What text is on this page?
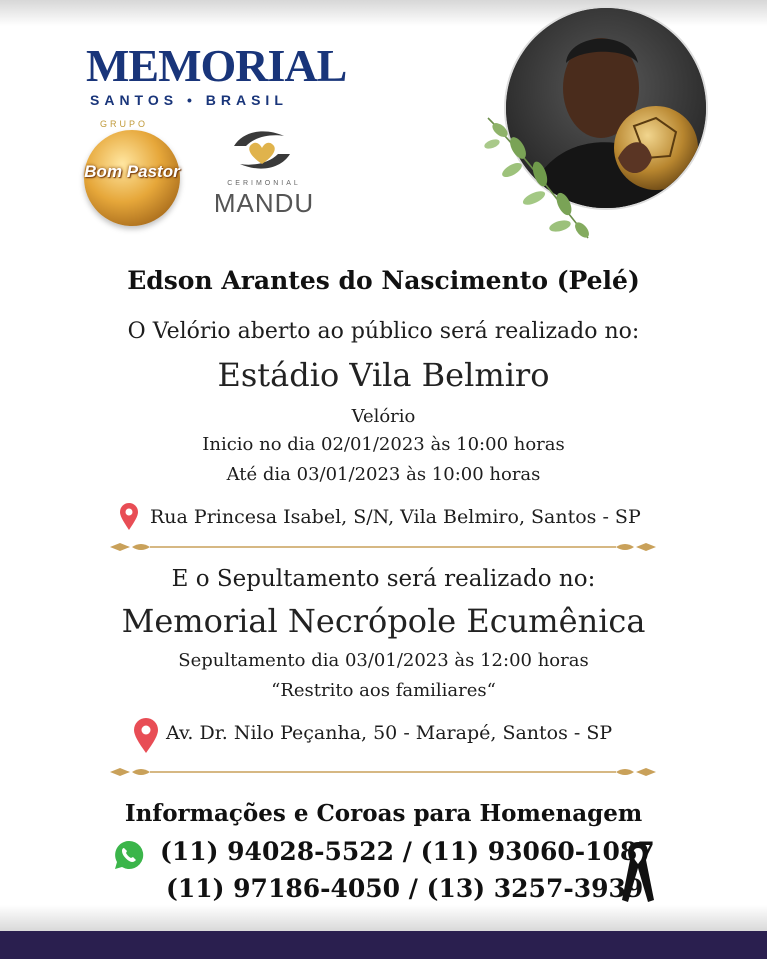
MEMORIAL
SANTOS • BRASIL
GRUPO
Bom Pastor
CERIMONIAL
MANDU
Edson Arantes do Nascimento (Pelé)
O Velório aberto ao público será realizado no:
Estádio Vila Belmiro
Velório
Inicio no dia 02/01/2023 às 10:00 horas
Até dia 03/01/2023 às 10:00 horas
Rua Princesa Isabel, S/N, Vila Belmiro, Santos - SP
E o Sepultamento será realizado no:
Memorial Necrópole Ecumênica
Sepultamento dia 03/01/2023 às 12:00 horas
“Restrito aos familiares“
Av. Dr. Nilo Peçanha, 50 - Marapé, Santos - SP
Informações e Coroas para Homenagem
(11) 94028-5522 / (11) 93060-1087
(11) 97186-4050 / (13) 3257-3939
